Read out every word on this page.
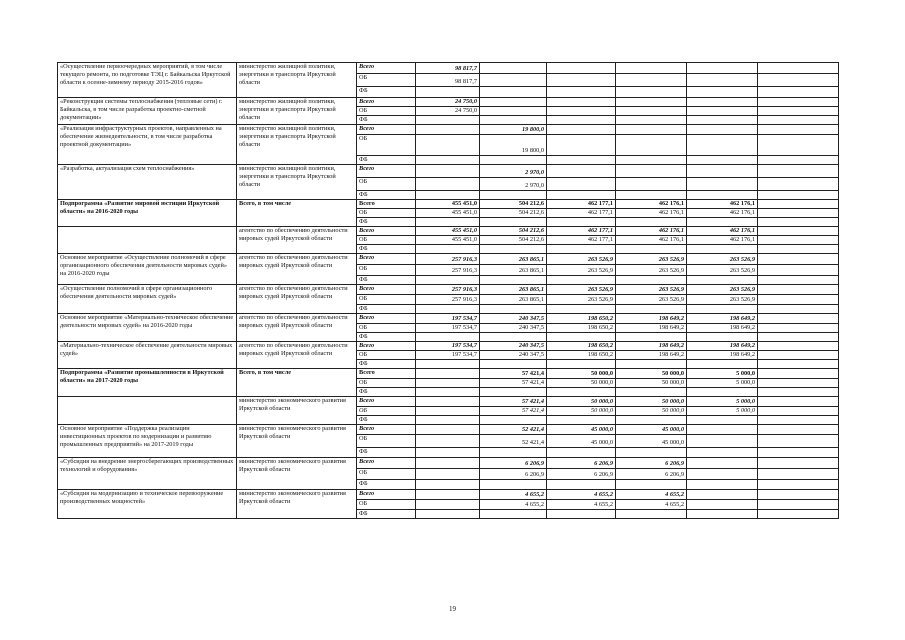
«Осуществление первоочередных мероприятий, в том числе текущего ремонта, по подготовке ТЭЦ г. Байкальска Иркутской области к осенне-зимнему периоду 2015-2016 годов»	министерство жилищной политики, энергетики и транспорта Иркутской области	Всего	98 817,7					
		ОБ	98 817,7					
		ФБ						
«Реконструкция системы теплоснабжения (тепловые сети) г. Байкальска, в том числе разработка проектно-сметной документации»	министерство жилищной политики, энергетики и транспорта Иркутской области	Всего	24 750,0					
		ОБ	24 750,0					
		ФБ						
«Реализация инфраструктурных проектов, направленных на обеспечение жизнедеятельности, в том числе разработка проектной документации»	министерство жилищной политики, энергетики и транспорта Иркутской области	Всего		19 800,0				
		ОБ		19 800,0				
		ФБ						
«Разработка, актуализация схем теплоснабжения»	министерство жилищной политики, энергетики и транспорта Иркутской области	Всего		2 970,0				
		ОБ		2 970,0				
		ФБ						
Подпрограмма «Развитие мировой юстиции Иркутской области» на 2016-2020 годы	Всего, в том числе	Всего	455 451,0	504 212,6	462 177,1	462 176,1	462 176,1	
		ОБ	455 451,0	504 212,6	462 177,1	462 176,1	462 176,1	
		ФБ						
	агентство по обеспечению деятельности мировых судей Иркутской области	Всего	455 451,0	504 212,6	462 177,1	462 176,1	462 176,1	
		ОБ	455 451,0	504 212,6	462 177,1	462 176,1	462 176,1	
		ФБ						
Основное мероприятие «Осуществление полномочий в сфере организационного обеспечения деятельности мировых судей» на 2016-2020 годы	агентство по обеспечению деятельности мировых судей Иркутской области	Всего	257 916,3	263 865,1	263 526,9	263 526,9	263 526,9	
		ОБ	257 916,3	263 865,1	263 526,9	263 526,9	263 526,9	
		ФБ						
«Осуществление полномочий в сфере организационного обеспечения деятельности мировых судей»	агентство по обеспечению деятельности мировых судей Иркутской области	Всего	257 916,3	263 865,1	263 526,9	263 526,9	263 526,9	
		ОБ	257 916,3	263 865,1	263 526,9	263 526,9	263 526,9	
		ФБ						
Основное мероприятие «Материально-техническое обеспечение деятельности мировых судей» на 2016-2020 годы	агентство по обеспечению деятельности мировых судей Иркутской области	Всего	197 534,7	240 347,5	198 650,2	198 649,2	198 649,2	
		ОБ	197 534,7	240 347,5	198 650,2	198 649,2	198 649,2	
		ФБ						
«Материально-техническое обеспечение деятельности мировых судей»	агентство по обеспечению деятельности мировых судей Иркутской области	Всего	197 534,7	240 347,5	198 650,2	198 649,2	198 649,2	
		ОБ	197 534,7	240 347,5	198 650,2	198 649,2	198 649,2	
		ФБ						
Подпрограмма «Развитие промышленности в Иркутской области» на 2017-2020 годы	Всего, в том числе	Всего		57 421,4	50 000,0	50 000,0	5 000,0	
		ОБ		57 421,4	50 000,0	50 000,0	5 000,0	
		ФБ						
	министерство экономического развития Иркутской области	Всего		57 421,4	50 000,0	50 000,0	5 000,0	
		ОБ		57 421,4	50 000,0	50 000,0	5 000,0	
		ФБ						
Основное мероприятие «Поддержка реализации инвестиционных проектов по модернизации и развитию промышленных предприятий» на 2017-2019 годы	министерство экономического развития Иркутской области	Всего		52 421,4	45 000,0	45 000,0		
		ОБ		52 421,4	45 000,0	45 000,0		
		ФБ						
«Субсидия на внедрение энергосберегающих производственных технологий и оборудования»	министерство экономического развития Иркутской области	Всего		6 206,9	6 206,9	6 206,9		
		ОБ		6 206,9	6 206,9	6 206,9		
		ФБ						
«Субсидия на модернизацию и техническое перевооружение производственных мощностей»	министерство экономического развития Иркутской области	Всего		4 655,2	4 655,2	4 655,2		
		ОБ		4 655,2	4 655,2	4 655,2		
		ФБ						
19
